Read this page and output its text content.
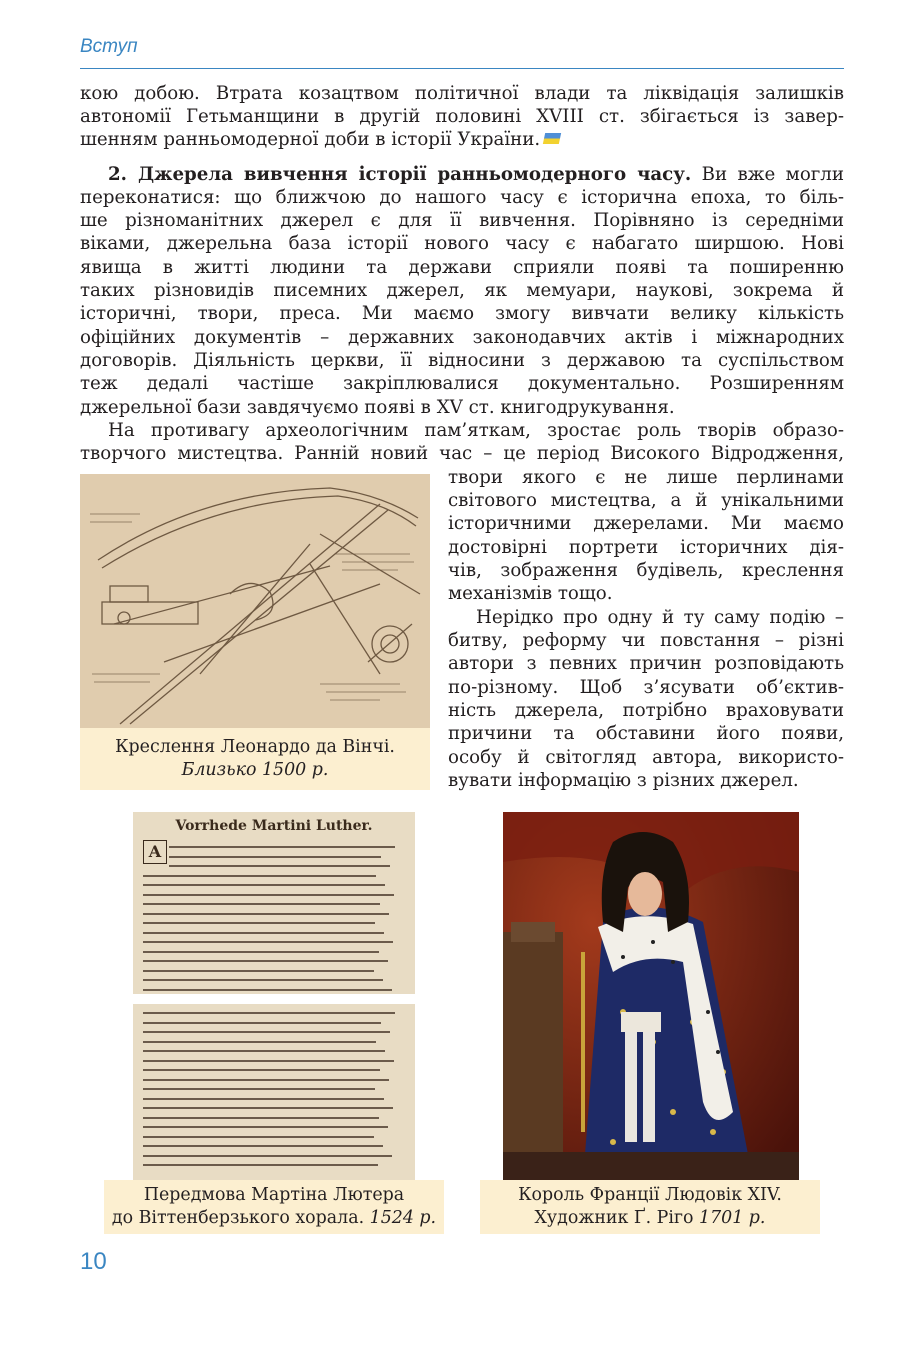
Вступ

кою добою. Втрата козацтвом політичної влади та ліквідація залишків

автономії Гетьманщини в другій половині XVIII ст. збігається із завер-

шенням ранньомодерної доби в історії України.

2. Джерела вивчення історії ранньомодерного часу. Ви вже могли

переконатися: що ближчою до нашого часу є історична епоха, то біль-

ше різноманітних джерел є для її вивчення. Порівняно із середніми

віками, джерельна база історії нового часу є набагато ширшою. Нові

явища в житті людини та держави сприяли появі та поширенню

таких різновидів писемних джерел, як мемуари, наукові, зокрема й

історичні, твори, преса. Ми маємо змогу вивчати велику кількість

офіційних документів – державних законодавчих актів і міжнародних

договорів. Діяльність церкви, її відносини з державою та суспільством

теж дедалі частіше закріплювалися документально. Розширенням

джерельної бази завдячуємо появі в XV ст. книгодрукування.

На противагу археологічним пам’яткам, зростає роль творів образо-

творчого мистецтва. Ранній новий час – це період Високого Відродження,

твори якого є не лише перлинами

світового мистецтва, а й унікальними

історичними джерелами. Ми маємо

достовірні портрети історичних дія-

чів, зображення будівель, креслення

механізмів тощо.

Нерідко про одну й ту саму подію –

битву, реформу чи повстання – різні

автори з певних причин розповідають

по-різному. Щоб з’ясувати об’єктив-

ність джерела, потрібно враховувати

причини та обставини його появи,

особу й світогляд автора, використо-

вувати інформацію з різних джерел.

Креслення Леонардо да Вінчі.
Близько 1500 р.
Vorrhede Martini Luther.
A
Передмова Мартіна Лютера
до Віттенберзького хорала. 1524 р.
Король Франції Людовік XIV.
Художник Ґ. Ріго 1701 р.
10
